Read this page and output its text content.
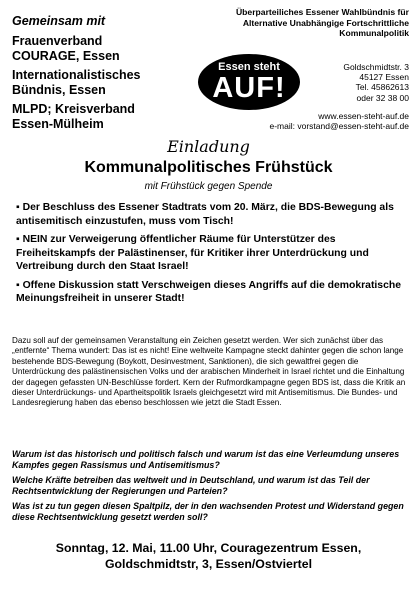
Gemeinsam mit
Frauenverband
COURAGE, Essen
Internationalistisches
Bündnis, Essen
MLPD; Kreisverband
Essen-Mülheim
Überparteiliches Essener Wahlbündnis für
Alternative Unabhängige Fortschrittliche
Kommunalpolitik
Essen steht
AUF!
Goldschmidtstr. 3
45127 Essen
Tel. 45862613
oder 32 38 00
www.essen-steht-auf.de
e-mail: vorstand@essen-steht-auf.de
Einladung
Kommunalpolitisches Frühstück
mit Frühstück gegen Spende
▪ Der Beschluss des Essener Stadtrats vom 20. März, die BDS-Bewegung als antisemitisch einzustufen, muss vom Tisch!
▪ NEIN zur Verweigerung öffentlicher Räume für Unterstützer des Freiheitskampfs der Palästinenser, für Kritiker ihrer Unterdrückung und Vertreibung durch den Staat Israel!
▪ Offene Diskussion statt Verschweigen dieses Angriffs auf die demokratische Meinungsfreiheit in unserer Stadt!
Dazu soll auf der gemeinsamen Veranstaltung ein Zeichen gesetzt werden. Wer sich zunächst über das „entfernte“ Thema wundert: Das ist es nicht! Eine weltweite Kampagne steckt dahinter gegen die schon lange bestehende BDS-Bewegung (Boykott, Desinvestment, Sanktionen), die sich gewaltfrei gegen die Unterdrückung des palästinensischen Volks und der arabischen Minderheit in Israel richtet und die Einhaltung der dagegen gefassten UN-Beschlüsse fordert. Kern der Rufmordkampagne gegen BDS ist, dass die Kritik an dieser Unterdrückungs- und Apartheitspolitik Israels gleichgesetzt wird mit Antisemitismus. Die Bundes- und Landesregierung haben das ebenso beschlossen wie jetzt die Stadt Essen.

Warum ist das historisch und politisch falsch und warum ist das eine Verleumdung unseres Kampfes gegen Rassismus und Antisemitismus?

Welche Kräfte betreiben das weltweit und in Deutschland, und warum ist das Teil der Rechtsentwicklung der Regierungen und Parteien?

Was ist zu tun gegen diesen Spaltpilz, der in den wachsenden Protest und Widerstand gegen diese Rechtsentwicklung gesetzt werden soll?

Sonntag, 12. Mai, 11.00 Uhr, Couragezentrum Essen,
Goldschmidtstr, 3, Essen/Ostviertel
